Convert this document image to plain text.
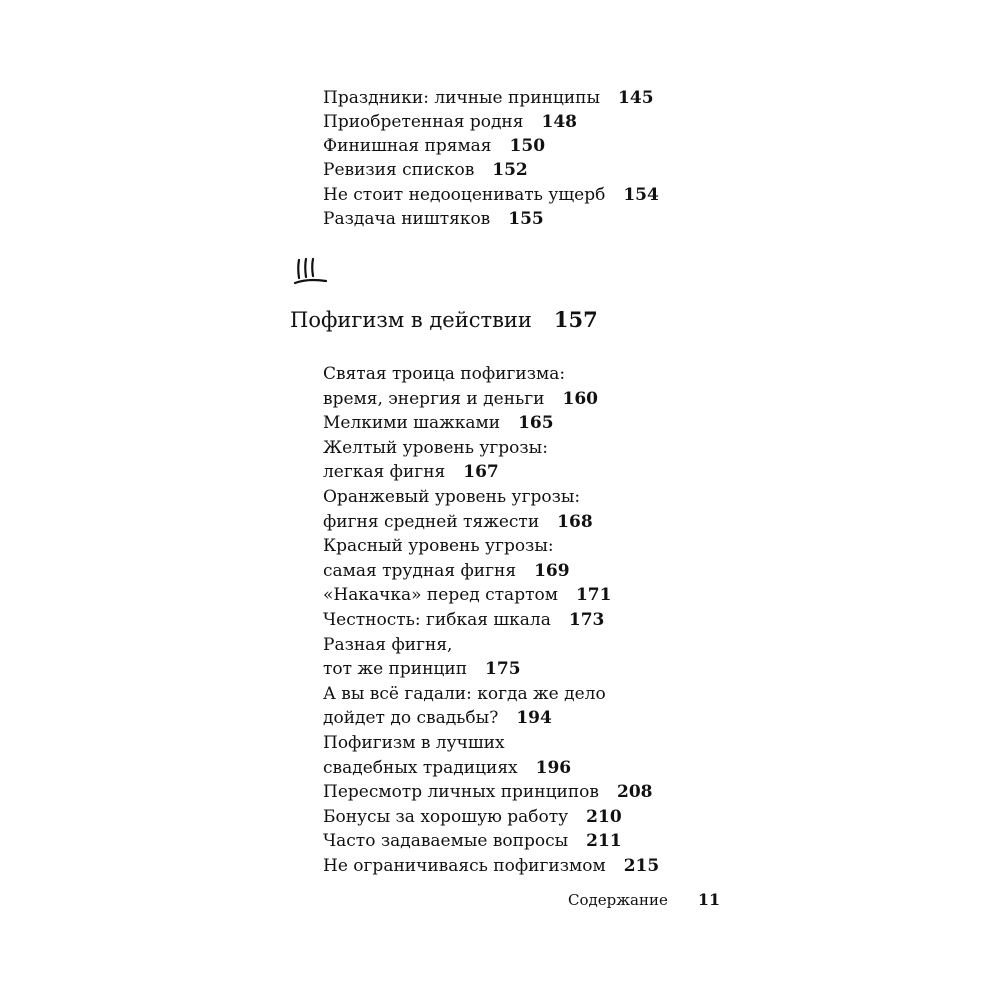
Праздники: личные принципы 145
Приобретенная родня 148
Финишная прямая 150
Ревизия списков 152
Не стоит недооценивать ущерб 154
Раздача ништяков 155
Пофигизм в действии 157
Святая троица пофигизма:
время, энергия и деньги 160
Мелкими шажками 165
Желтый уровень угрозы:
легкая фигня 167
Оранжевый уровень угрозы:
фигня средней тяжести 168
Красный уровень угрозы:
самая трудная фигня 169
«Накачка» перед стартом 171
Честность: гибкая шкала 173
Разная фигня,
тот же принцип 175
А вы всё гадали: когда же дело
дойдет до свадьбы? 194
Пофигизм в лучших
свадебных традициях 196
Пересмотр личных принципов 208
Бонусы за хорошую работу 210
Часто задаваемые вопросы 211
Не ограничиваясь пофигизмом 215
Содержание 11
